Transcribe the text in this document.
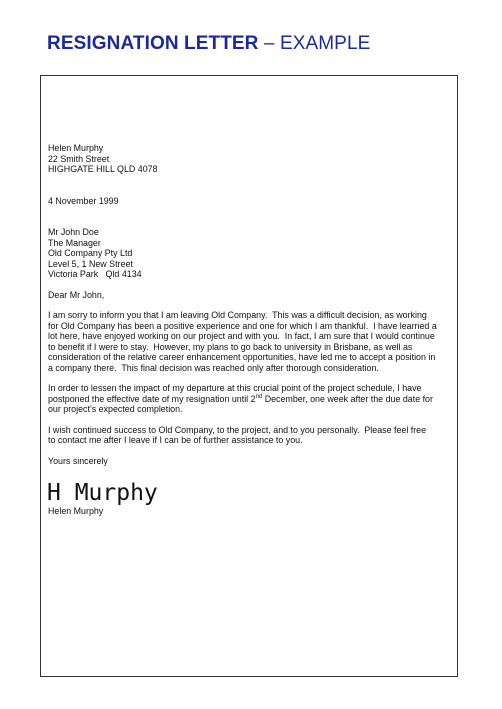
RESIGNATION LETTER – EXAMPLE
Helen Murphy
22 Smith Street
HIGHGATE HILL QLD 4078
4 November 1999
Mr John Doe
The Manager
Old Company Pty Ltd
Level 5, 1 New Street
Victoria Park   Qld 4134
Dear Mr John,
I am sorry to inform you that I am leaving Old Company.  This was a difficult decision, as working
for Old Company has been a positive experience and one for which I am thankful.  I have learned a
lot here, have enjoyed working on our project and with you.  In fact, I am sure that I would continue
to benefit if I were to stay.  However, my plans to go back to university in Brisbane, as well as
consideration of the relative career enhancement opportunities, have led me to accept a position in
a company there.  This final decision was reached only after thorough consideration.
In order to lessen the impact of my departure at this crucial point of the project schedule, I have
postponed the effective date of my resignation until 2nd December, one week after the due date for
our project’s expected completion.
I wish continued success to Old Company, to the project, and to you personally.  Please feel free
to contact me after I leave if I can be of further assistance to you.
Yours sincerely
H Murphy
Helen Murphy
